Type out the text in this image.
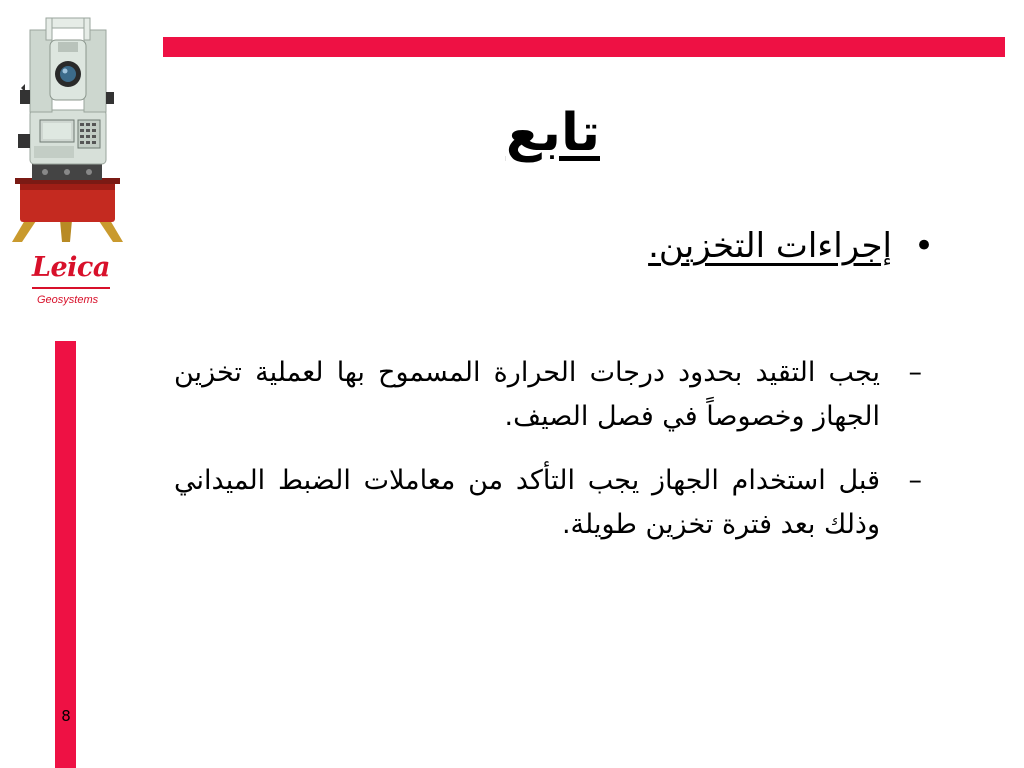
Leica
Geosystems
تابع
•
إجراءات التخزين.
–
يجب التقيد بحدود درجات الحرارة المسموح بها لعملية تخزين الجهاز وخصوصاً في فصل الصيف.
–
قبل استخدام الجهاز يجب التأكد من معاملات الضبط الميداني وذلك بعد فترة تخزين طويلة.
8
